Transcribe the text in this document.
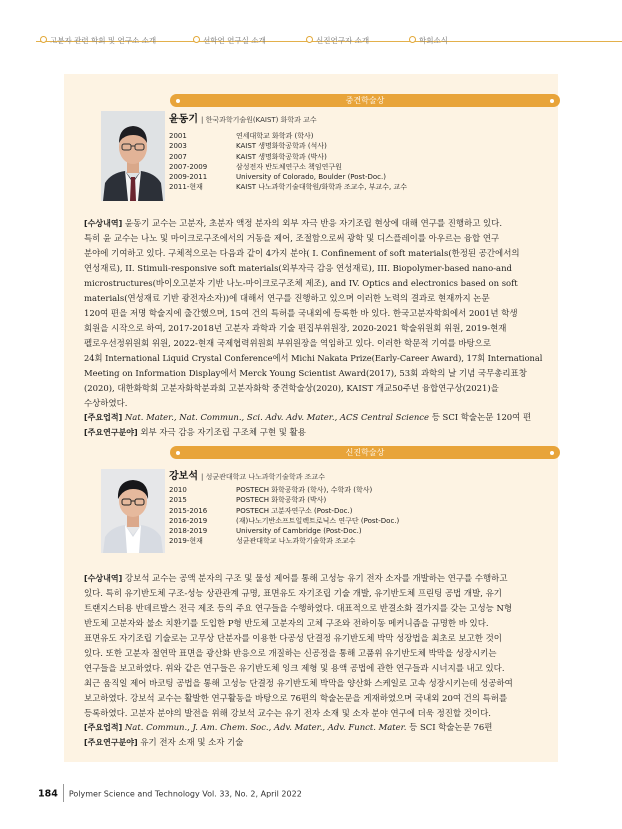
고분자 관련 학회 및 연구소 소개	선학연 연구실 소개	신진연구자 소개	학회소식
중견학술상
윤동기 | 한국과학기술원(KAIST) 화학과 교수
2001	연세대학교 화학과 (학사)
2003	KAIST 생명화학공학과 (석사)
2007	KAIST 생명화학공학과 (박사)
2007-2009	삼성전자 반도체연구소 책임연구원
2009-2011	University of Colorado, Boulder (Post-Doc.)
2011-현재	KAIST 나노과학기술대학원/화학과 조교수, 부교수, 교수
[수상내역] 윤동기 교수는 고분자, 초분자 액정 분자의 외부 자극 반응 자기조립 현상에 대해 연구를 진행하고 있다.
특히 윤 교수는 나노 및 마이크로구조에서의 거동을 제어, 조절함으로써 광학 및 디스플레이를 아우르는 융합 연구
분야에 기여하고 있다. 구체적으로는 다음과 같이 4가지 분야( I. Confinement of soft materials(한정된 공간에서의
연성재료), II. Stimuli-responsive soft materials(외부자극 감응 연성재료), III. Biopolymer-based nano-and
microstructures(바이오고분자 기반 나노-마이크로구조체 제조), and IV. Optics and electronics based on soft
materials(연성재료 기반 광전자소자))에 대해서 연구를 진행하고 있으며 이러한 노력의 결과로 현재까지 논문
120여 편을 저명 학술지에 출간했으며, 15여 건의 특허를 국내외에 등록한 바 있다. 한국고분자학회에서 2001년 학생
회원을 시작으로 하여, 2017-2018년 고분자 과학과 기술 편집부위원장, 2020-2021 학술위원회 위원, 2019-현재
펠로우선정위원회 위원, 2022-현재 국제협력위원회 부위원장을 역임하고 있다. 이러한 학문적 기여를 바탕으로
24회 International Liquid Crystal Conference에서 Michi Nakata Prize(Early-Career Award), 17회 International
Meeting on Information Display에서 Merck Young Scientist Award(2017), 53회 과학의 날 기념 국무총리표창
(2020), 대한화학회 고분자화학분과회 고분자화학 중견학술상(2020), KAIST 개교50주년 융합연구상(2021)을
수상하였다.
[주요업적] Nat. Mater., Nat. Commun., Sci. Adv. Adv. Mater., ACS Central Science 등 SCI 학술논문 120여 편
[주요연구분야] 외부 자극 감응 자기조립 구조체 구현 및 활용
신진학술상
강보석 | 성균관대학교 나노과학기술학과 조교수
2010	POSTECH 화학공학과 (학사), 수학과 (학사)
2015	POSTECH 화학공학과 (박사)
2015-2016	POSTECH 고분자연구소 (Post-Doc.)
2016-2019	(재)나노기반소프트일렉트로닉스 연구단 (Post-Doc.)
2018-2019	University of Cambridge (Post-Doc.)
2019-현재	성균관대학교 나노과학기술학과 조교수
[수상내역] 강보석 교수는 공액 분자의 구조 및 물성 제어를 통해 고성능 유기 전자 소자를 개발하는 연구를 수행하고
있다. 특히 유기반도체 구조-성능 상관관계 규명, 표면유도 자기조립 기술 개발, 유기반도체 프린팅 공법 개발, 유기
트랜지스터용 반데르발스 전극 제조 등의 주요 연구들을 수행하였다. 대표적으로 반결소화 결가지를 갖는 고성능 N형
반도체 고분자와 불소 치환기를 도입한 P형 반도체 고분자의 고체 구조와 전하이동 메커니즘을 규명한 바 있다.
표면유도 자기조립 기술로는 고무상 단분자를 이용한 다공성 단결정 유기반도체 박막 성장법을 최초로 보고한 것이
있다. 또한 고분자 절연막 표면을 광산화 반응으로 개질하는 신공정을 통해 고품위 유기반도체 박막을 성장시키는
연구들을 보고하였다. 위와 같은 연구들은 유기반도체 잉크 제형 및 용액 공법에 관한 연구들과 시너지를 내고 있다.
최근 움직일 제어 바코팅 공법을 통해 고성능 단결정 유기반도체 박막을 양산화 스케일로 고속 성장시키는데 성공하여
보고하였다. 강보석 교수는 활발한 연구활동을 바탕으로 76편의 학술논문을 게재하였으며 국내외 20여 건의 특허를
등록하였다. 고분자 분야의 발전을 위해 강보석 교수는 유기 전자 소재 및 소자 분야 연구에 더욱 정진할 것이다.
[주요업적] Nat. Commun., J. Am. Chem. Soc., Adv. Mater., Adv. Funct. Mater. 등 SCI 학술논문 76편
[주요연구분야] 유기 전자 소재 및 소자 기술
184 Polymer Science and Technology Vol. 33, No. 2, April 2022
